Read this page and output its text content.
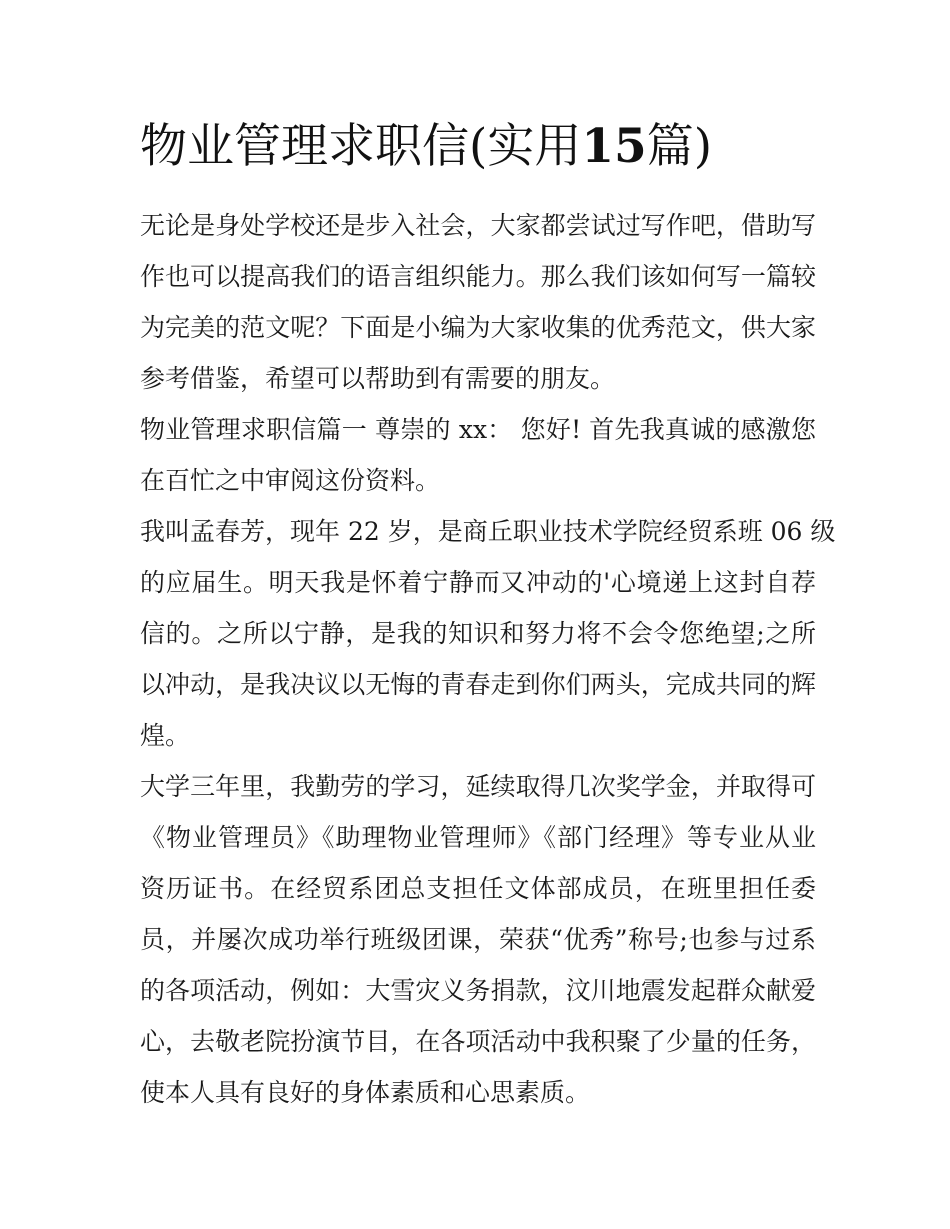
物业管理求职信(实用15篇)
无论是身处学校还是步入社会，大家都尝试过写作吧，借助写
作也可以提高我们的语言组织能力。那么我们该如何写一篇较
为完美的范文呢？下面是小编为大家收集的优秀范文，供大家
参考借鉴，希望可以帮助到有需要的朋友。
物业管理求职信篇一 尊崇的 xx： 您好! 首先我真诚的感激您
在百忙之中审阅这份资料。
我叫孟春芳，现年 22 岁，是商丘职业技术学院经贸系班 06 级
的应届生。明天我是怀着宁静而又冲动的'心境递上这封自荐
信的。之所以宁静，是我的知识和努力将不会令您绝望;之所
以冲动，是我决议以无悔的青春走到你们两头，完成共同的辉
煌。
大学三年里，我勤劳的学习，延续取得几次奖学金，并取得可
《物业管理员》《助理物业管理师》《部门经理》等专业从业
资历证书。在经贸系团总支担任文体部成员，在班里担任委
员，并屡次成功举行班级团课，荣获“优秀”称号;也参与过系
的各项活动，例如：大雪灾义务捐款，汶川地震发起群众献爱
心，去敬老院扮演节目，在各项活动中我积聚了少量的任务，
使本人具有良好的身体素质和心思素质。
